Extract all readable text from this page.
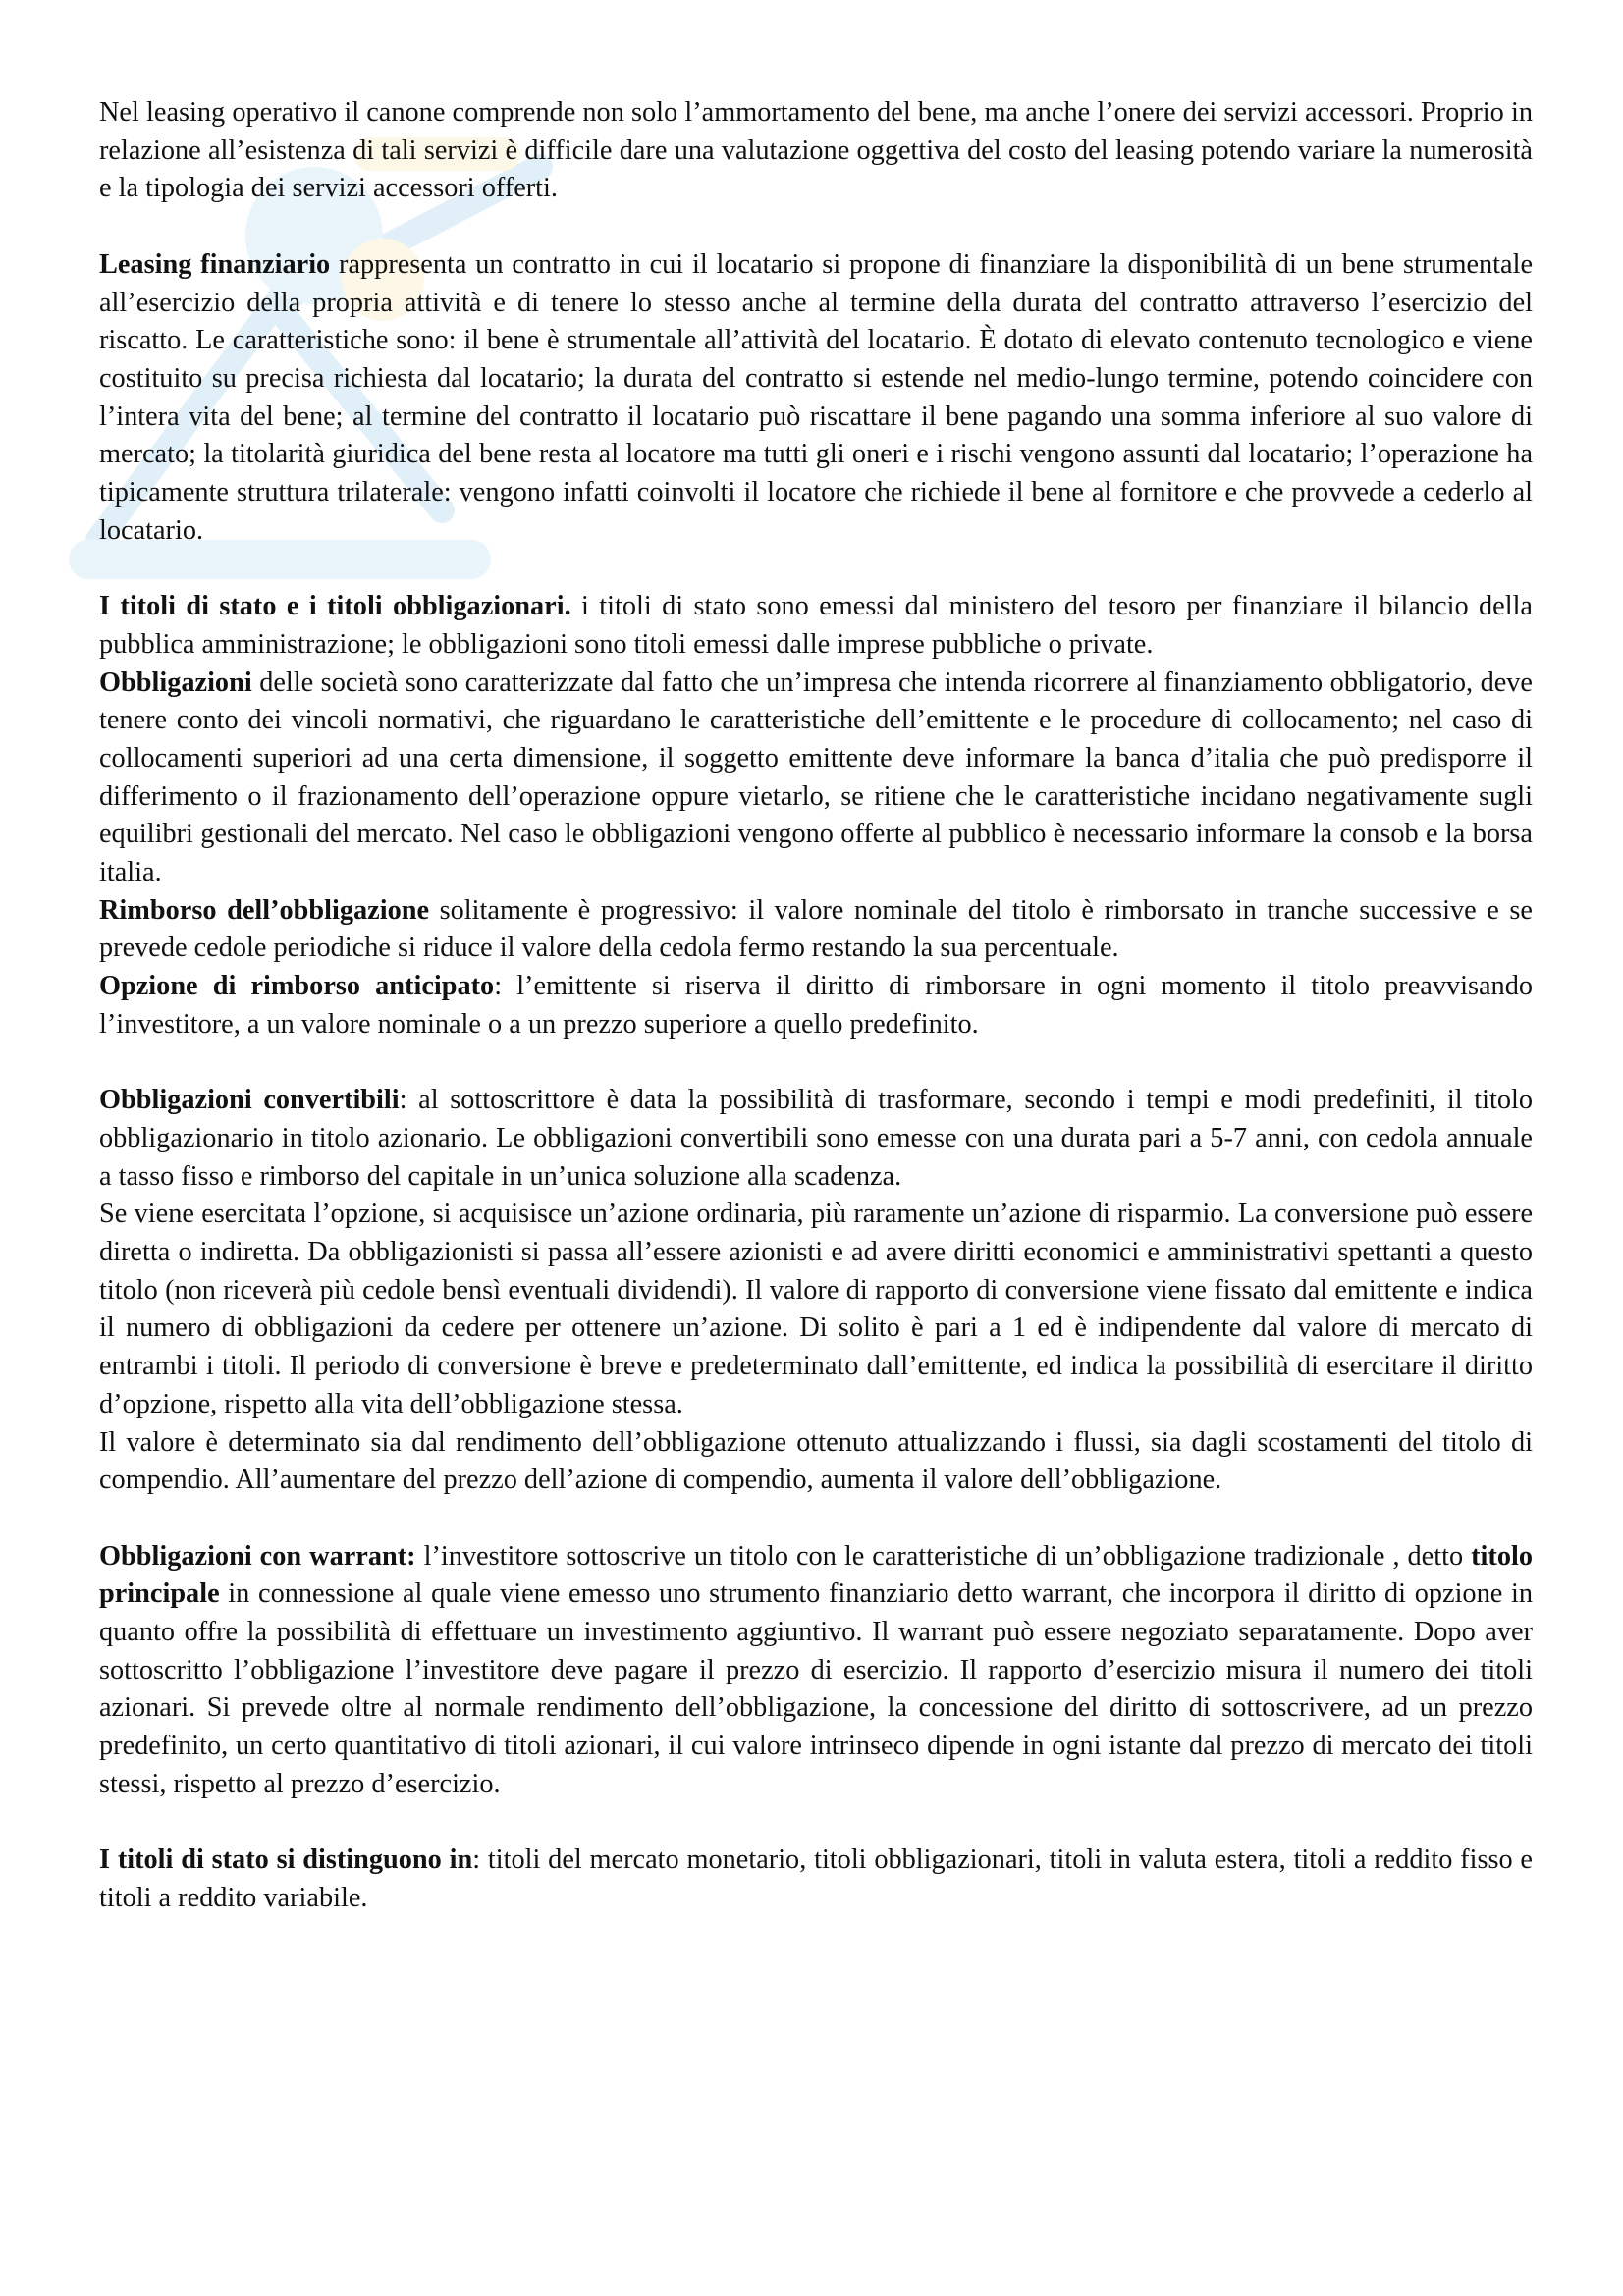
Nel leasing operativo il canone comprende non solo l’ammortamento del bene, ma anche l’onere dei servizi accessori. Proprio in relazione all’esistenza di tali servizi è difficile dare una valutazione oggettiva del costo del leasing potendo variare la numerosità e la tipologia dei servizi accessori offerti.

Leasing finanziario rappresenta un contratto in cui il locatario si propone di finanziare la disponibilità di un bene strumentale all’esercizio della propria attività e di tenere lo stesso anche al termine della durata del contratto attraverso l’esercizio del riscatto. Le caratteristiche sono: il bene è strumentale all’attività del locatario. È dotato di elevato contenuto tecnologico e viene costituito su precisa richiesta dal locatario; la durata del contratto si estende nel medio-lungo termine, potendo coincidere con l’intera vita del bene; al termine del contratto il locatario può riscattare il bene pagando una somma inferiore al suo valore di mercato; la titolarità giuridica del bene resta al locatore ma tutti gli oneri e i rischi vengono assunti dal locatario; l’operazione ha tipicamente struttura trilaterale: vengono infatti coinvolti il locatore che richiede il bene al fornitore e che provvede a cederlo al locatario.

I titoli di stato e i titoli obbligazionari. i titoli di stato sono emessi dal ministero del tesoro per finanziare il bilancio della pubblica amministrazione; le obbligazioni sono titoli emessi dalle imprese pubbliche o private.

Obbligazioni delle società sono caratterizzate dal fatto che un’impresa che intenda ricorrere al finanziamento obbligatorio, deve tenere conto dei vincoli normativi, che riguardano le caratteristiche dell’emittente e le procedure di collocamento; nel caso di collocamenti superiori ad una certa dimensione, il soggetto emittente deve informare la banca d’italia che può predisporre il differimento o il frazionamento dell’operazione oppure vietarlo, se ritiene che le caratteristiche incidano negativamente sugli equilibri gestionali del mercato. Nel caso le obbligazioni vengono offerte al pubblico è necessario informare la consob e la borsa italia.

Rimborso dell’obbligazione solitamente è progressivo: il valore nominale del titolo è rimborsato in tranche successive e se prevede cedole periodiche si riduce il valore della cedola fermo restando la sua percentuale.

Opzione di rimborso anticipato: l’emittente si riserva il diritto di rimborsare in ogni momento il titolo preavvisando l’investitore, a un valore nominale o a un prezzo superiore a quello predefinito.

Obbligazioni convertibili: al sottoscrittore è data la possibilità di trasformare, secondo i tempi e modi predefiniti, il titolo obbligazionario in titolo azionario. Le obbligazioni convertibili sono emesse con una durata pari a 5-7 anni, con cedola annuale a tasso fisso e rimborso del capitale in un’unica soluzione alla scadenza.

Se viene esercitata l’opzione, si acquisisce un’azione ordinaria, più raramente un’azione di risparmio. La conversione può essere diretta o indiretta. Da obbligazionisti si passa all’essere azionisti e ad avere diritti economici e amministrativi spettanti a questo titolo (non riceverà più cedole bensì eventuali dividendi). Il valore di rapporto di conversione viene fissato dal emittente e indica il numero di obbligazioni da cedere per ottenere un’azione. Di solito è pari a 1 ed è indipendente dal valore di mercato di entrambi i titoli. Il periodo di conversione è breve e predeterminato dall’emittente, ed indica la possibilità di esercitare il diritto d’opzione, rispetto alla vita dell’obbligazione stessa.

Il valore è determinato sia dal rendimento dell’obbligazione ottenuto attualizzando i flussi, sia dagli scostamenti del titolo di compendio. All’aumentare del prezzo dell’azione di compendio, aumenta il valore dell’obbligazione.

Obbligazioni con warrant: l’investitore sottoscrive un titolo con le caratteristiche di un’obbligazione tradizionale , detto titolo principale in connessione al quale viene emesso uno strumento finanziario detto warrant, che incorpora il diritto di opzione in quanto offre la possibilità di effettuare un investimento aggiuntivo. Il warrant può essere negoziato separatamente. Dopo aver sottoscritto l’obbligazione l’investitore deve pagare il prezzo di esercizio. Il rapporto d’esercizio misura il numero dei titoli azionari. Si prevede oltre al normale rendimento dell’obbligazione, la concessione del diritto di sottoscrivere, ad un prezzo predefinito, un certo quantitativo di titoli azionari, il cui valore intrinseco dipende in ogni istante dal prezzo di mercato dei titoli stessi, rispetto al prezzo d’esercizio.

I titoli di stato si distinguono in: titoli del mercato monetario, titoli obbligazionari, titoli in valuta estera, titoli a reddito fisso e titoli a reddito variabile.
